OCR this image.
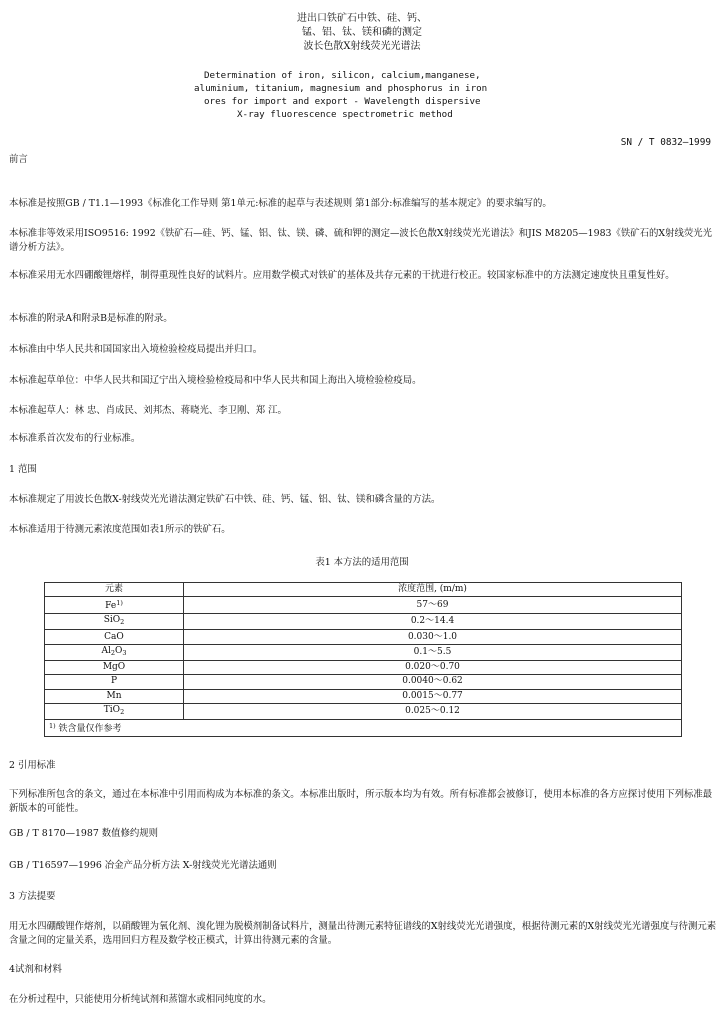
进出口铁矿石中铁、硅、钙、
锰、铝、钛、镁和磷的测定
波长色散X射线荧光光谱法
Determination of iron, silicon, calcium,manganese,
aluminium, titanium, magnesium and phosphorus in iron
ores for import and export - Wavelength dispersive
X-ray fluorescence spectrometric method
SN / T 0832—1999
前言
本标准是按照GB / T1.1—1993《标准化工作导则 第1单元:标准的起草与表述规则 第1部分:标准编写的基本规定》的要求编写的。
本标准非等效采用ISO9516: 1992《铁矿石—硅、钙、锰、铝、钛、镁、磷、硫和钾的测定—波长色散X射线荧光光谱法》和JIS M8205—1983《铁矿石的X射线荧光光谱分析方法》。
本标准采用无水四硼酸锂熔样，制得重现性良好的试料片。应用数学模式对铁矿的基体及共存元素的干扰进行校正。较国家标准中的方法测定速度快且重复性好。
本标准的附录A和附录B是标准的附录。
本标准由中华人民共和国国家出入境检验检疫局提出并归口。
本标准起草单位：中华人民共和国辽宁出入境检验检疫局和中华人民共和国上海出入境检验检疫局。
本标准起草人：林 忠、肖成民、刘邦杰、蒋晓光、李卫刚、郑 江。
本标准系首次发布的行业标准。
1 范围
本标准规定了用波长色散X-射线荧光光谱法测定铁矿石中铁、硅、钙、锰、铝、钛、镁和磷含量的方法。
本标准适用于待测元素浓度范围如表1所示的铁矿石。
表1 本方法的适用范围
元素	浓度范围, (m/m)
Fe$^{1)}$	57～69
SiO$_2$	0.2～14.4
CaO	0.030～1.0
$Al_2O_3$	0.1～5.5
MgO	0.020～0.70
P	0.0040～0.62
Mn	0.0015～0.77
TiO$_2$	0.025～0.12
$^{1)}$ 铁含量仅作参考	
2 引用标准
下列标准所包含的条文，通过在本标准中引用而构成为本标准的条文。本标准出版时，所示版本均为有效。所有标准都会被修订，使用本标准的各方应探讨使用下列标准最新版本的可能性。
GB / T 8170—1987 数值修约规则
GB / T16597—1996 冶金产品分析方法 X-射线荧光光谱法通则
3 方法提要
用无水四硼酸锂作熔剂，以硝酸锂为氧化剂、溴化锂为脱模剂制备试料片，测量出待测元素特征谱线的X射线荧光光谱强度，根据待测元素的X射线荧光光谱强度与待测元素含量之间的定量关系，选用回归方程及数学校正模式，计算出待测元素的含量。
4试剂和材料
在分析过程中，只能使用分析纯试剂和蒸馏水或相同纯度的水。
